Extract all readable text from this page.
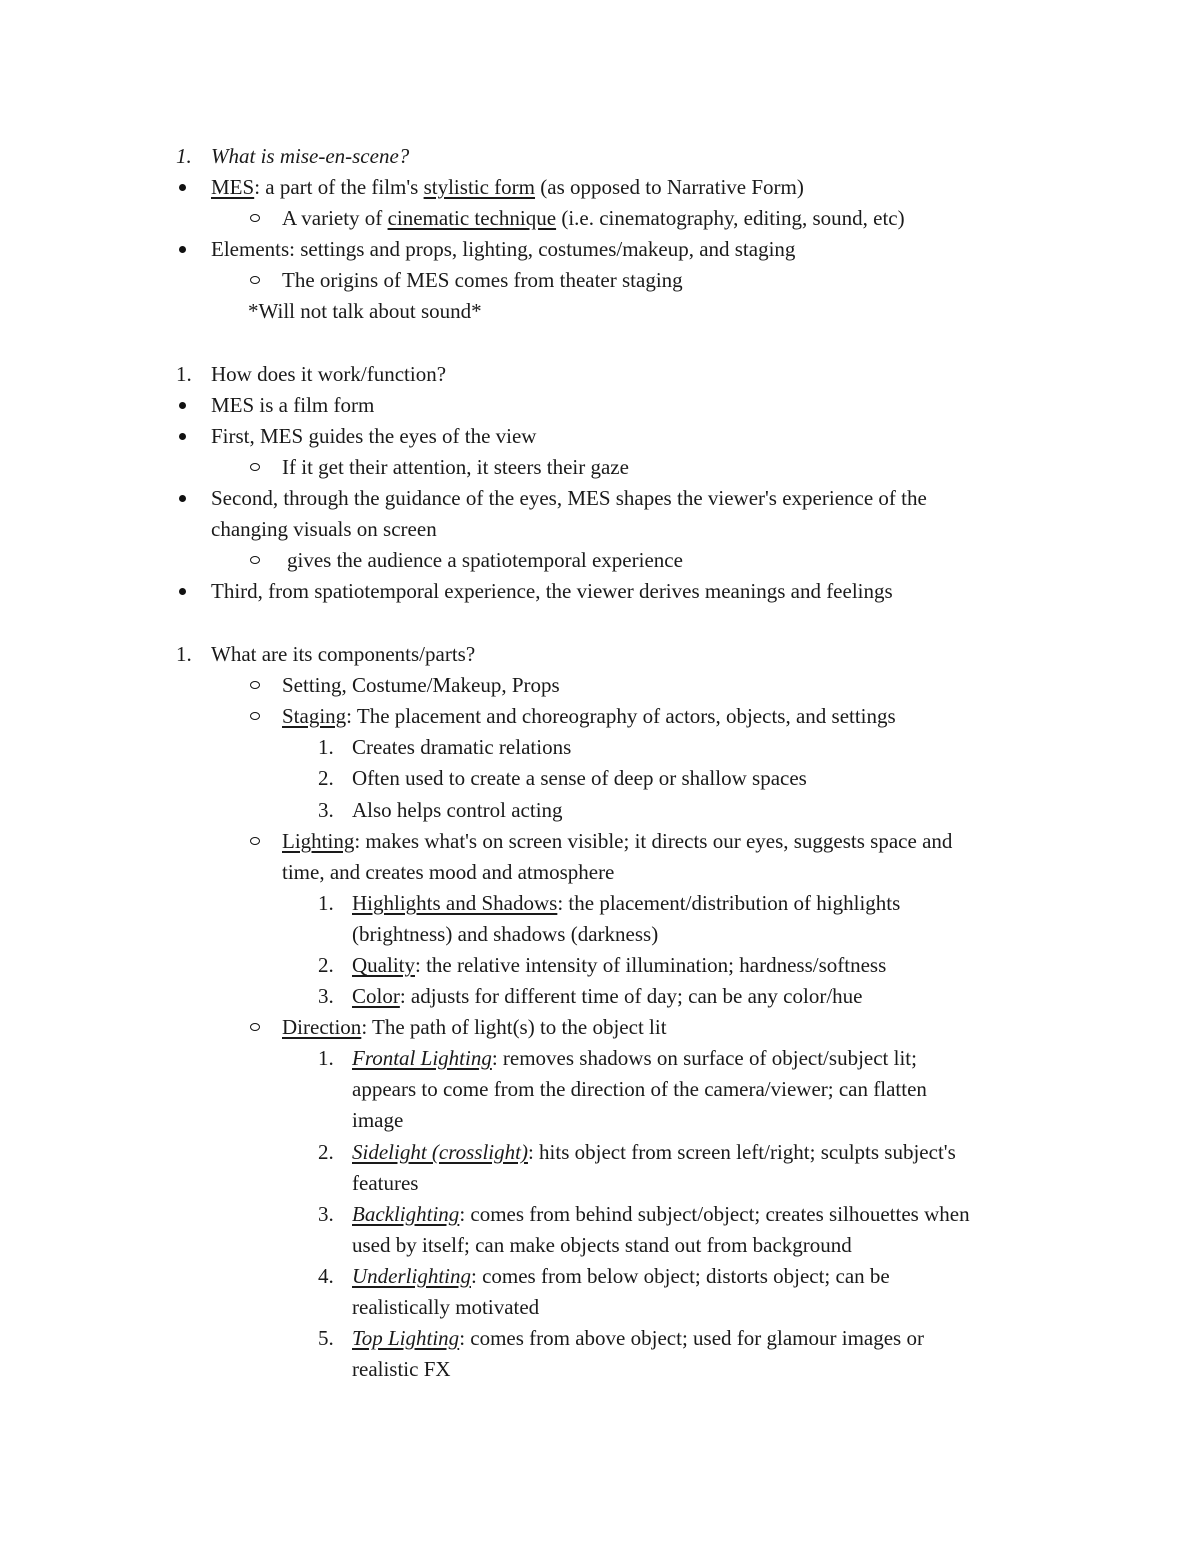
1. What is mise-en-scene?
MES: a part of the film's stylistic form (as opposed to Narrative Form)
A variety of cinematic technique (i.e. cinematography, editing, sound, etc)
Elements: settings and props, lighting, costumes/makeup, and staging
The origins of MES comes from theater staging
*Will not talk about sound*
1. How does it work/function?
MES is a film form
First, MES guides the eyes of the view
If it get their attention, it steers their gaze
Second, through the guidance of the eyes, MES shapes the viewer's experience of the
changing visuals on screen
gives the audience a spatiotemporal experience
Third, from spatiotemporal experience, the viewer derives meanings and feelings
1. What are its components/parts?
Setting, Costume/Makeup, Props
Staging: The placement and choreography of actors, objects, and settings
1. Creates dramatic relations
2. Often used to create a sense of deep or shallow spaces
3. Also helps control acting
Lighting: makes what's on screen visible; it directs our eyes, suggests space and
time, and creates mood and atmosphere
1. Highlights and Shadows: the placement/distribution of highlights
(brightness) and shadows (darkness)
2. Quality: the relative intensity of illumination; hardness/softness
3. Color: adjusts for different time of day; can be any color/hue
Direction: The path of light(s) to the object lit
1. Frontal Lighting: removes shadows on surface of object/subject lit;
appears to come from the direction of the camera/viewer; can flatten
image
2. Sidelight (crosslight): hits object from screen left/right; sculpts subject's
features
3. Backlighting: comes from behind subject/object; creates silhouettes when
used by itself; can make objects stand out from background
4. Underlighting: comes from below object; distorts object; can be
realistically motivated
5. Top Lighting: comes from above object; used for glamour images or
realistic FX
